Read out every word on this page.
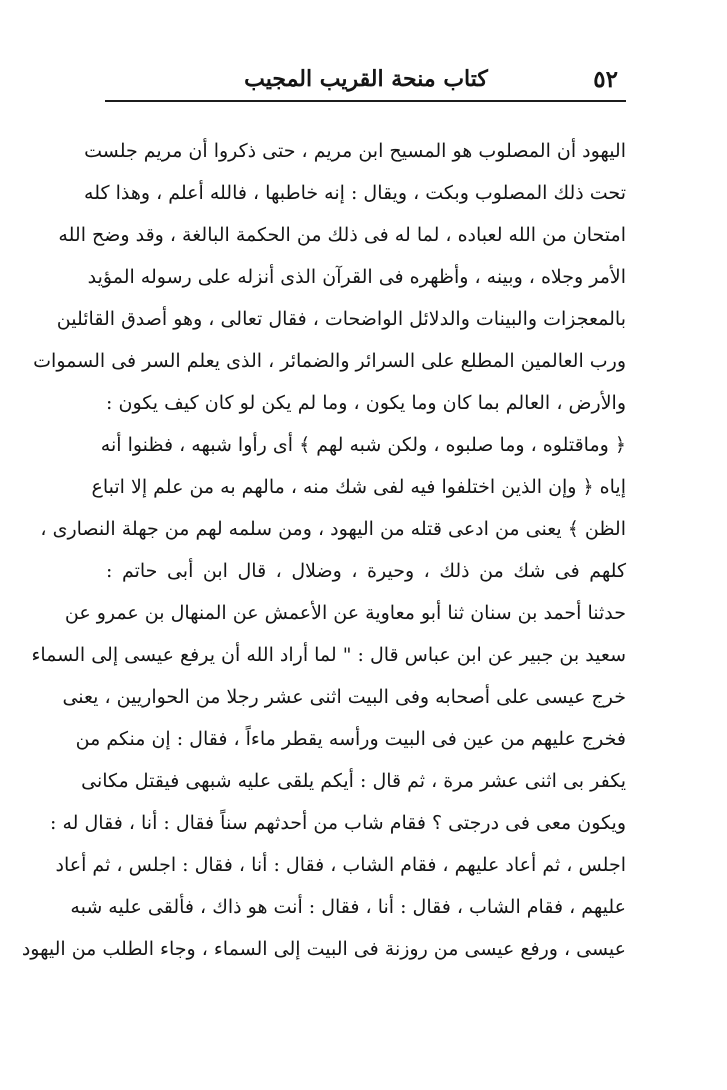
٥٢
كتاب منحة القريب المجيب
اليهود أن المصلوب هو المسيح ابن مريم ، حتى ذكروا أن مريم جلست
تحت ذلك المصلوب وبكت ، ويقال : إنه خاطبها ، فالله أعلم ، وهذا كله
امتحان من الله لعباده ، لما له فى ذلك من الحكمة البالغة ، وقد وضح الله
الأمر وجلاه ، وبينه ، وأظهره فى القرآن الذى أنزله على رسوله المؤيد
بالمعجزات والبينات والدلائل الواضحات ، فقال تعالى ، وهو أصدق القائلين
ورب العالمين المطلع على السرائر والضمائر ، الذى يعلم السر فى السموات
والأرض ، العالم بما كان وما يكون ، وما لم يكن لو كان كيف يكون :
﴿ وماقتلوه ، وما صلبوه ، ولكن شبه لهم ﴾ أى رأوا شبهه ، فظنوا أنه
إياه ﴿ وإن الذين اختلفوا فيه لفى شك منه ، مالهم به من علم إلا اتباع
الظن ﴾ يعنى من ادعى قتله من اليهود ، ومن سلمه لهم من جهلة النصارى ،
كلهم فى شك من ذلك ، وحيرة ، وضلال ، قال ابن أبى حاتم :
حدثنا أحمد بن سنان ثنا أبو معاوية عن الأعمش عن المنهال بن عمرو عن
سعيد بن جبير عن ابن عباس قال : " لما أراد الله أن يرفع عيسى إلى السماء
خرج عيسى على أصحابه وفى البيت اثنى عشر رجلا من الحواريين ، يعنى
فخرج عليهم من عين فى البيت ورأسه يقطر ماءاً ، فقال : إن منكم من
يكفر بى اثنى عشر مرة ، ثم قال : أيكم يلقى عليه شبهى فيقتل مكانى
ويكون معى فى درجتى ؟ فقام شاب من أحدثهم سناً فقال : أنا ، فقال له :
اجلس ، ثم أعاد عليهم ، فقام الشاب ، فقال : أنا ، فقال : اجلس ، ثم أعاد
عليهم ، فقام الشاب ، فقال : أنا ، فقال : أنت هو ذاك ، فألقى عليه شبه
عيسى ، ورفع عيسى من روزنة فى البيت إلى السماء ، وجاء الطلب من اليهود
